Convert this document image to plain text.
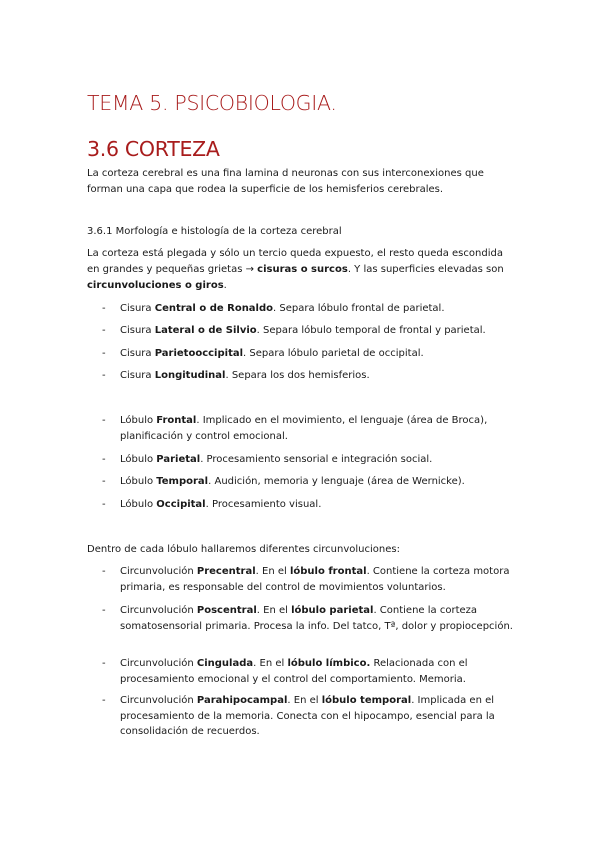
TEMA 5. PSICOBIOLOGIA.
3.6 CORTEZA
La corteza cerebral es una fina lamina d neuronas con sus interconexiones que forman una capa que rodea la superficie de los hemisferios cerebrales.
3.6.1 Morfología e histología de la corteza cerebral
La corteza está plegada y sólo un tercio queda expuesto, el resto queda escondida en grandes y pequeñas grietas → cisuras o surcos. Y las superficies elevadas son circunvoluciones o giros.
- Cisura Central o de Ronaldo. Separa lóbulo frontal de parietal.
- Cisura Lateral o de Silvio. Separa lóbulo temporal de frontal y parietal.
- Cisura Parietooccipital. Separa lóbulo parietal de occipital.
- Cisura Longitudinal. Separa los dos hemisferios.
- Lóbulo Frontal. Implicado en el movimiento, el lenguaje (área de Broca), planificación y control emocional.
- Lóbulo Parietal. Procesamiento sensorial e integración social.
- Lóbulo Temporal. Audición, memoria y lenguaje (área de Wernicke).
- Lóbulo Occipital. Procesamiento visual.
Dentro de cada lóbulo hallaremos diferentes circunvoluciones:
- Circunvolución Precentral. En el lóbulo frontal. Contiene la corteza motora primaria, es responsable del control de movimientos voluntarios.
- Circunvolución Poscentral. En el lóbulo parietal. Contiene la corteza somatosensorial primaria. Procesa la info. Del tatco, Tª, dolor y propiocepción.
- Circunvolución Cingulada. En el lóbulo límbico. Relacionada con el procesamiento emocional y el control del comportamiento. Memoria.
- Circunvolución Parahipocampal. En el lóbulo temporal. Implicada en el procesamiento de la memoria. Conecta con el hipocampo, esencial para la consolidación de recuerdos.
